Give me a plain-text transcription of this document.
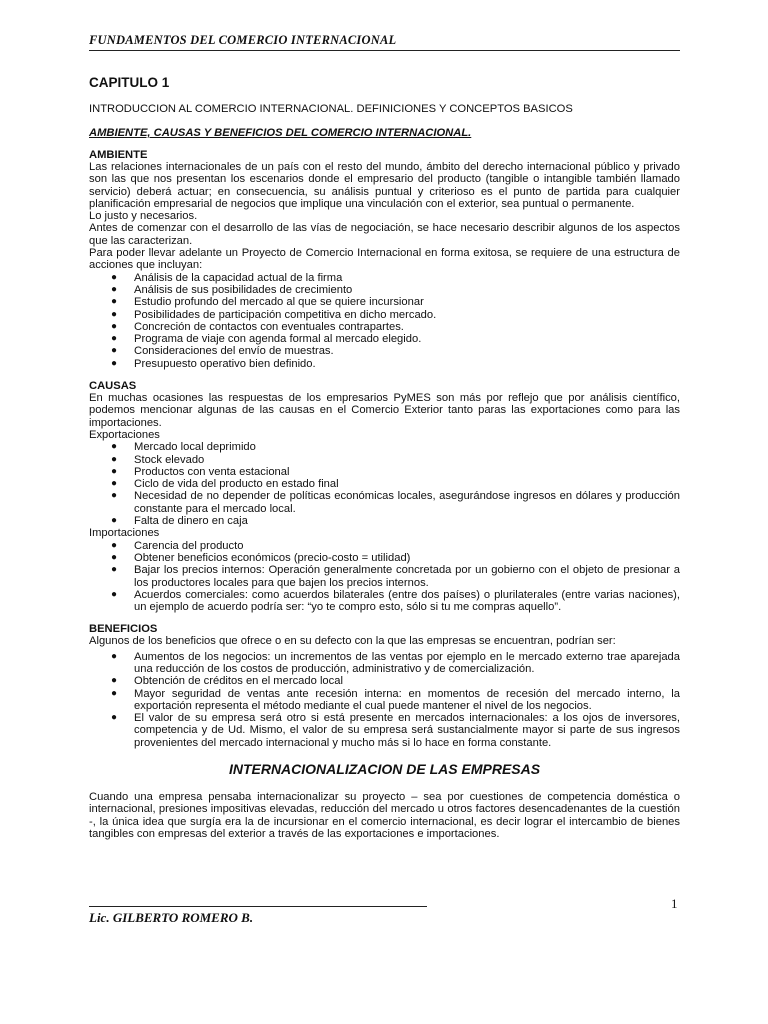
FUNDAMENTOS DEL COMERCIO INTERNACIONAL
CAPITULO 1
INTRODUCCION AL COMERCIO INTERNACIONAL. DEFINICIONES Y CONCEPTOS BASICOS
AMBIENTE, CAUSAS Y BENEFICIOS DEL COMERCIO INTERNACIONAL.
AMBIENTE

Las relaciones internacionales de un país con el resto del mundo, ámbito del derecho internacional público y privado son las que nos presentan los escenarios donde el empresario del producto (tangible o intangible también llamado servicio) deberá actuar; en consecuencia, su análisis puntual y criterioso es el punto de partida para cualquier planificación empresarial de negocios que implique una vinculación con el exterior, sea puntual o permanente.

Lo justo y necesarios.

Antes de comenzar con el desarrollo de las vías de negociación, se hace necesario describir algunos de los aspectos que las caracterizan.

Para poder llevar adelante un Proyecto de Comercio Internacional en forma exitosa, se requiere de una estructura de acciones que incluyan:

● Análisis de la capacidad actual de la firma
● Análisis de sus posibilidades de crecimiento
● Estudio profundo del mercado al que se quiere incursionar
● Posibilidades de participación competitiva en dicho mercado.
● Concreción de contactos con eventuales contrapartes.
● Programa de viaje con agenda formal al mercado elegido.
● Consideraciones del envío de muestras.
● Presupuesto operativo bien definido.
CAUSAS

En muchas ocasiones las respuestas de los empresarios PyMES son más por reflejo que por análisis científico, podemos mencionar algunas de las causas en el Comercio Exterior tanto paras las exportaciones como para las importaciones.

Exportaciones

● Mercado local deprimido
● Stock elevado
● Productos con venta estacional
● Ciclo de vida del producto en estado final
● Necesidad de no depender de políticas económicas locales, asegurándose ingresos en dólares y producción constante para el mercado local.
● Falta de dinero en caja

Importaciones

● Carencia del producto
● Obtener beneficios económicos (precio-costo = utilidad)
● Bajar los precios internos: Operación generalmente concretada por un gobierno con el objeto de presionar a los productores locales para que bajen los precios internos.
● Acuerdos comerciales: como acuerdos bilaterales (entre dos países) o plurilaterales (entre varias naciones), un ejemplo de acuerdo podría ser: “yo te compro esto, sólo si tu me compras aquello”.
BENEFICIOS

Algunos de los beneficios que ofrece o en su defecto con la que las empresas se encuentran, podrían ser:

● Aumentos de los negocios: un incrementos de las ventas por ejemplo en le mercado externo trae aparejada una reducción de los costos de producción, administrativo y de comercialización.
● Obtención de créditos en el mercado local
● Mayor seguridad de ventas ante recesión interna: en momentos de recesión del mercado interno, la exportación representa el método mediante el cual puede mantener el nivel de los negocios.
● El valor de su empresa será otro si está presente en mercados internacionales: a los ojos de inversores, competencia y de Ud. Mismo, el valor de su empresa será sustancialmente mayor si parte de sus ingresos provenientes del mercado internacional y mucho más si lo hace en forma constante.
INTERNACIONALIZACION DE LAS EMPRESAS

Cuando una empresa pensaba internacionalizar su proyecto – sea por cuestiones de competencia doméstica o internacional, presiones impositivas elevadas, reducción del mercado u otros factores desencadenantes de la cuestión -, la única idea que surgía era la de incursionar en el comercio internacional, es decir lograr el intercambio de bienes tangibles con empresas del exterior a través de las exportaciones e importaciones.

1
Lic. GILBERTO ROMERO B.
